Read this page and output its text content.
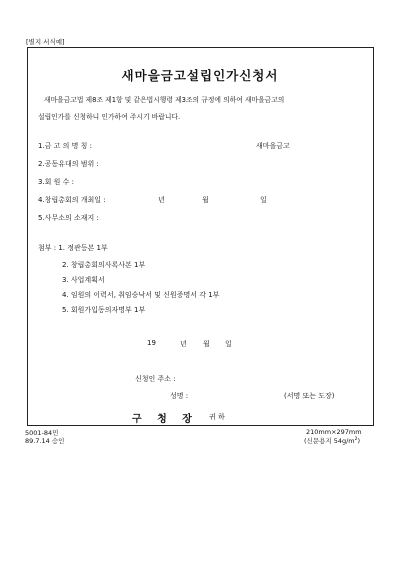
[별지 서식예]
새마을금고설립인가신청서
새마을금고법 제8조 제1항 및 같은법시행령 제3조의 규정에 의하여 새마을금고의
설립인가를 신청하니 인가하여 주시기 바랍니다.
1.금 고 의 명 칭 :	새마을금고
2.공동유대의 범위 :
3.회 원 수 :
4.창립총회의 개최일 :	년	월	일
5.사무소의 소재지 :
첨부 : 1. 정관등본 1부
2. 창립총회의사록사본 1부
3. 사업계획서
4. 임원의 이력서, 취임승낙서 및 신원증명서 각 1부
5. 회원가입동의자명부 1부
19	년 월 일
신청인 주소 :
성명 :	(서명 또는 도장)
구 청 장 귀 하
5001-84민
89.7.14 승인
210mm×297mm
(신문용지 $54g/m^2$)
